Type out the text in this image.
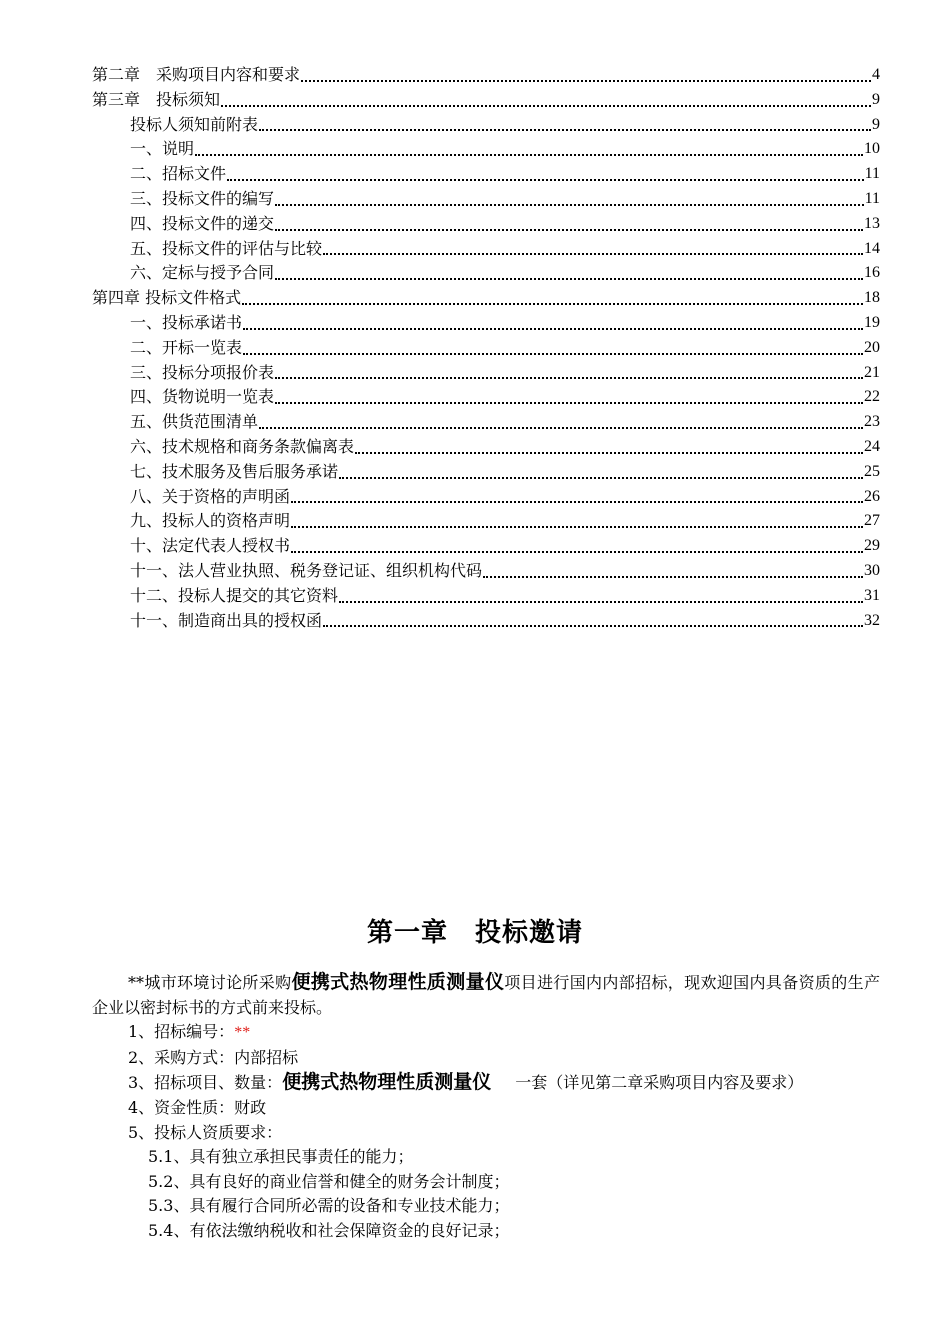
第二章　采购项目内容和要求	4
第三章　投标须知	9
投标人须知前附表	9
一、说明	10
二、招标文件	11
三、投标文件的编写	11
四、投标文件的递交	13
五、投标文件的评估与比较	14
六、定标与授予合同	16
第四章 投标文件格式	18
一、投标承诺书	19
二、开标一览表	20
三、投标分项报价表	21
四、货物说明一览表	22
五、供货范围清单	23
六、技术规格和商务条款偏离表	24
七、技术服务及售后服务承诺	25
八、关于资格的声明函	26
九、投标人的资格声明	27
十、法定代表人授权书	29
十一、法人营业执照、税务登记证、组织机构代码	30
十二、投标人提交的其它资料	31
十一、制造商出具的授权函	32
第一章　投标邀请

**城市环境讨论所采购便携式热物理性质测量仪项目进行国内内部招标，现欢迎国内具备资质的生产企业以密封标书的方式前来投标。

1、招标编号：**

2、采购方式：内部招标

3、招标项目、数量：便携式热物理性质测量仪 一套（详见第二章采购项目内容及要求）

4、资金性质：财政

5、投标人资质要求：

5.1、具有独立承担民事责任的能力；

5.2、具有良好的商业信誉和健全的财务会计制度；

5.3、具有履行合同所必需的设备和专业技术能力；

5.4、有依法缴纳税收和社会保障资金的良好记录；
